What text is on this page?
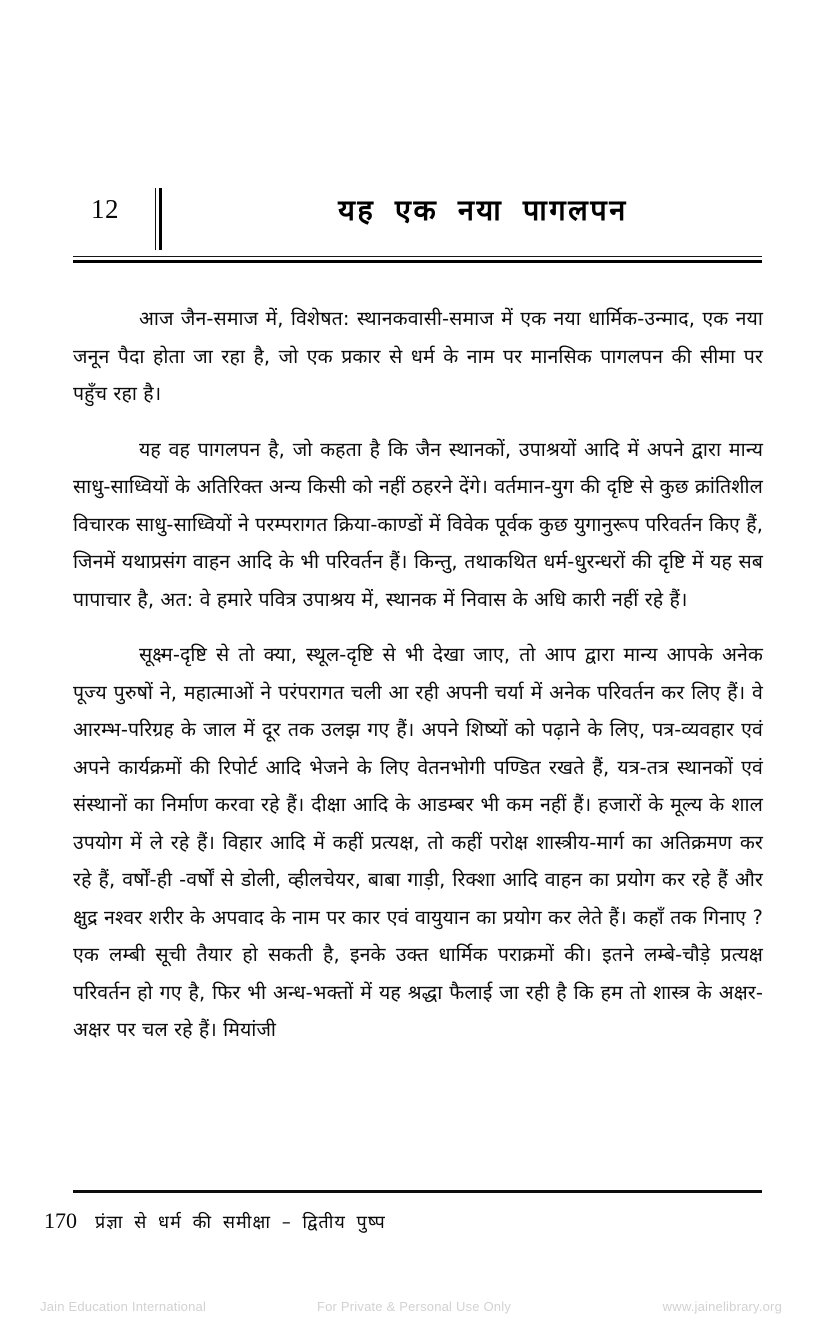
12	यह एक नया पागलपन

आज जैन-समाज में, विशेषत: स्थानकवासी-समाज में एक नया धार्मिक-उन्माद, एक नया जनून पैदा होता जा रहा है, जो एक प्रकार से धर्म के नाम पर मानसिक पागलपन की सीमा पर पहुँच रहा है।

यह वह पागलपन है, जो कहता है कि जैन स्थानकों, उपाश्रयों आदि में अपने द्वारा मान्य साधु-साध्वियों के अतिरिक्त अन्य किसी को नहीं ठहरने देंगे। वर्तमान-युग की दृष्टि से कुछ क्रांतिशील विचारक साधु-साध्वियों ने परम्परागत क्रिया-काण्डों में विवेक पूर्वक कुछ युगानुरूप परिवर्तन किए हैं, जिनमें यथाप्रसंग वाहन आदि के भी परिवर्तन हैं। किन्तु, तथाकथित धर्म-धुरन्धरों की दृष्टि में यह सब पापाचार है, अत: वे हमारे पवित्र उपाश्रय में, स्थानक में निवास के अधि कारी नहीं रहे हैं।

सूक्ष्म-दृष्टि से तो क्या, स्थूल-दृष्टि से भी देखा जाए, तो आप द्वारा मान्य आपके अनेक पूज्य पुरुषों ने, महात्माओं ने परंपरागत चली आ रही अपनी चर्या में अनेक परिवर्तन कर लिए हैं। वे आरम्भ-परिग्रह के जाल में दूर तक उलझ गए हैं। अपने शिष्यों को पढ़ाने के लिए, पत्र-व्यवहार एवं अपने कार्यक्रमों की रिपोर्ट आदि भेजने के लिए वेतनभोगी पण्डित रखते हैं, यत्र-तत्र स्थानकों एवं संस्थानों का निर्माण करवा रहे हैं। दीक्षा आदि के आडम्बर भी कम नहीं हैं। हजारों के मूल्य के शाल उपयोग में ले रहे हैं। विहार आदि में कहीं प्रत्यक्ष, तो कहीं परोक्ष शास्त्रीय-मार्ग का अतिक्रमण कर रहे हैं, वर्षों-ही -वर्षों से डोली, व्हीलचेयर, बाबा गाड़ी, रिक्शा आदि वाहन का प्रयोग कर रहे हैं और क्षुद्र नश्वर शरीर के अपवाद के नाम पर कार एवं वायुयान का प्रयोग कर लेते हैं। कहाँ तक गिनाए ? एक लम्बी सूची तैयार हो सकती है, इनके उक्त धार्मिक पराक्रमों की। इतने लम्बे-चौड़े प्रत्यक्ष परिवर्तन हो गए है, फिर भी अन्ध-भक्तों में यह श्रद्धा फैलाई जा रही है कि हम तो शास्त्र के अक्षर-अक्षर पर चल रहे हैं। मियांजी

170 प्रंज्ञा से धर्म की समीक्षा – द्वितीय पुष्प
Jain Education International	For Private & Personal Use Only	www.jainelibrary.org
